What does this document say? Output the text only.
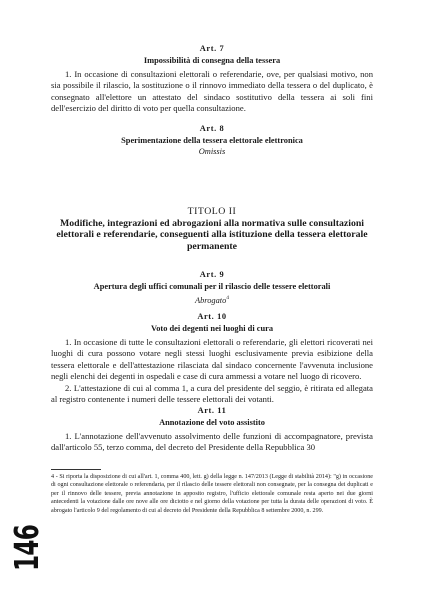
Art. 7
Impossibilità di consegna della tessera

1. In occasione di consultazioni elettorali o referendarie, ove, per qualsiasi motivo, non sia possibile il rilascio, la sostituzione o il rinnovo immediato della tessera o del duplicato, è consegnato all'elettore un attestato del sindaco sostitutivo della tessera ai soli fini dell'esercizio del diritto di voto per quella consultazione.

Art. 8
Sperimentazione della tessera elettorale elettronica
Omissis
TITOLO II
Modifiche, integrazioni ed abrogazioni alla normativa sulle consultazioni elettorali e referendarie, conseguenti alla istituzione della tessera elettorale permanente
Art. 9
Apertura degli uffici comunali per il rilascio delle tessere elettorali
Abrogato$^4$
Art. 10
Voto dei degenti nei luoghi di cura

1. In occasione di tutte le consultazioni elettorali o referendarie, gli elettori ricoverati nei luoghi di cura possono votare negli stessi luoghi esclusivamente previa esibizione della tessera elettorale e dell'attestazione rilasciata dal sindaco concernente l'avvenuta inclusione negli elenchi dei degenti in ospedali e case di cura ammessi a votare nel luogo di ricovero.

2. L'attestazione di cui al comma 1, a cura del presidente del seggio, è ritirata ed allegata al registro contenente i numeri delle tessere elettorali dei votanti.

Art. 11
Annotazione del voto assistito

1. L'annotazione dell'avvenuto assolvimento delle funzioni di accompagnatore, prevista dall'articolo 55, terzo comma, del decreto del Presidente della Repubblica 30

4 - Si riporta la disposizione di cui all'art. 1, comma 400, lett. g) della legge n. 147/2013 (Legge di stabilità 2014): "g) in occasione di ogni consultazione elettorale o referendaria, per il rilascio delle tessere elettorali non consegnate, per la consegna dei duplicati e per il rinnovo delle tessere, previa annotazione in apposito registro, l'ufficio elettorale comunale resta aperto nei due giorni antecedenti la votazione dalle ore nove alle ore diciotto e nel giorno della votazione per tutta la durata delle operazioni di voto. È abrogato l'articolo 9 del regolamento di cui al decreto del Presidente della Repubblica 8 settembre 2000, n. 299.

146
